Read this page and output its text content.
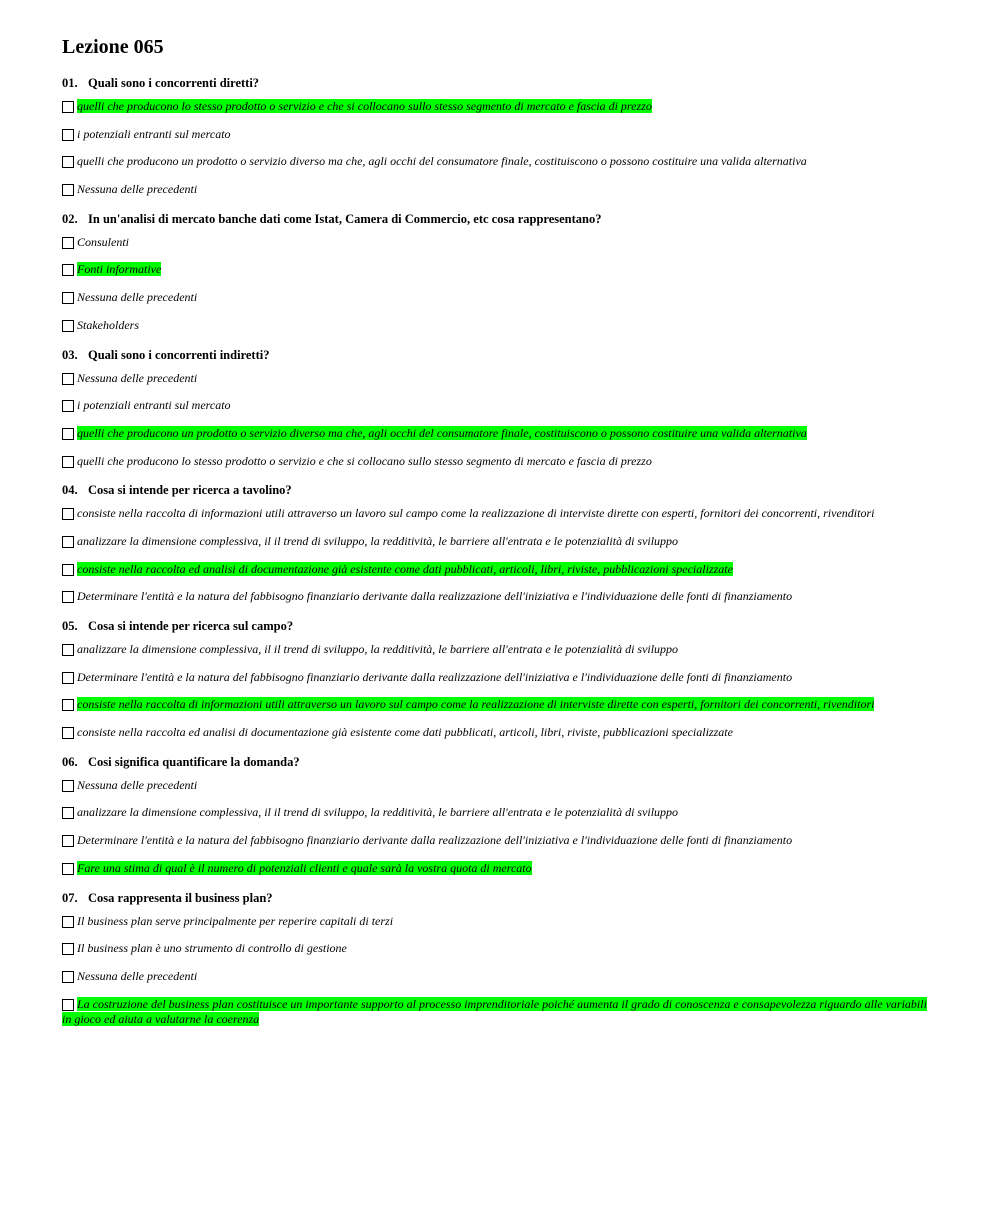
Lezione 065
01. Quali sono i concorrenti diretti?
quelli che producono lo stesso prodotto o servizio e che si collocano sullo stesso segmento di mercato e fascia di prezzo
i potenziali entranti sul mercato
quelli che producono un prodotto o servizio diverso ma che, agli occhi del consumatore finale, costituiscono o possono costituire una valida alternativa
Nessuna delle precedenti
02. In un'analisi di mercato banche dati come Istat, Camera di Commercio, etc cosa rappresentano?
Consulenti
Fonti informative
Nessuna delle precedenti
Stakeholders
03. Quali sono i concorrenti indiretti?
Nessuna delle precedenti
i potenziali entranti sul mercato
quelli che producono un prodotto o servizio diverso ma che, agli occhi del consumatore finale, costituiscono o possono costituire una valida alternativa
quelli che producono lo stesso prodotto o servizio e che si collocano sullo stesso segmento di mercato e fascia di prezzo
04. Cosa si intende per ricerca a tavolino?
consiste nella raccolta di informazioni utili attraverso un lavoro sul campo come la realizzazione di interviste dirette con esperti, fornitori dei concorrenti, rivenditori
analizzare la dimensione complessiva, il il trend di sviluppo, la redditività, le barriere all'entrata e le potenzialità di sviluppo
consiste nella raccolta ed analisi di documentazione già esistente come dati pubblicati, articoli, libri, riviste, pubblicazioni specializzate
Determinare l'entità e la natura del fabbisogno finanziario derivante dalla realizzazione dell'iniziativa e l'individuazione delle fonti di finanziamento
05. Cosa si intende per ricerca sul campo?
analizzare la dimensione complessiva, il il trend di sviluppo, la redditività, le barriere all'entrata e le potenzialità di sviluppo
Determinare l'entità e la natura del fabbisogno finanziario derivante dalla realizzazione dell'iniziativa e l'individuazione delle fonti di finanziamento
consiste nella raccolta di informazioni utili attraverso un lavoro sul campo come la realizzazione di interviste dirette con esperti, fornitori dei concorrenti, rivenditori
consiste nella raccolta ed analisi di documentazione già esistente come dati pubblicati, articoli, libri, riviste, pubblicazioni specializzate
06. Cosi significa quantificare la domanda?
Nessuna delle precedenti
analizzare la dimensione complessiva, il il trend di sviluppo, la redditività, le barriere all'entrata e le potenzialità di sviluppo
Determinare l'entità e la natura del fabbisogno finanziario derivante dalla realizzazione dell'iniziativa e l'individuazione delle fonti di finanziamento
Fare una stima di qual è il numero di potenziali clienti e quale sarà la vostra quota di mercato
07. Cosa rappresenta il business plan?
Il business plan serve principalmente per reperire capitali di terzi
Il business plan è uno strumento di controllo di gestione
Nessuna delle precedenti
La costruzione del business plan costituisce un importante supporto al processo imprenditoriale poiché aumenta il grado di conoscenza e consapevolezza riguardo alle variabili in gioco ed aiuta a valutarne la coerenza
